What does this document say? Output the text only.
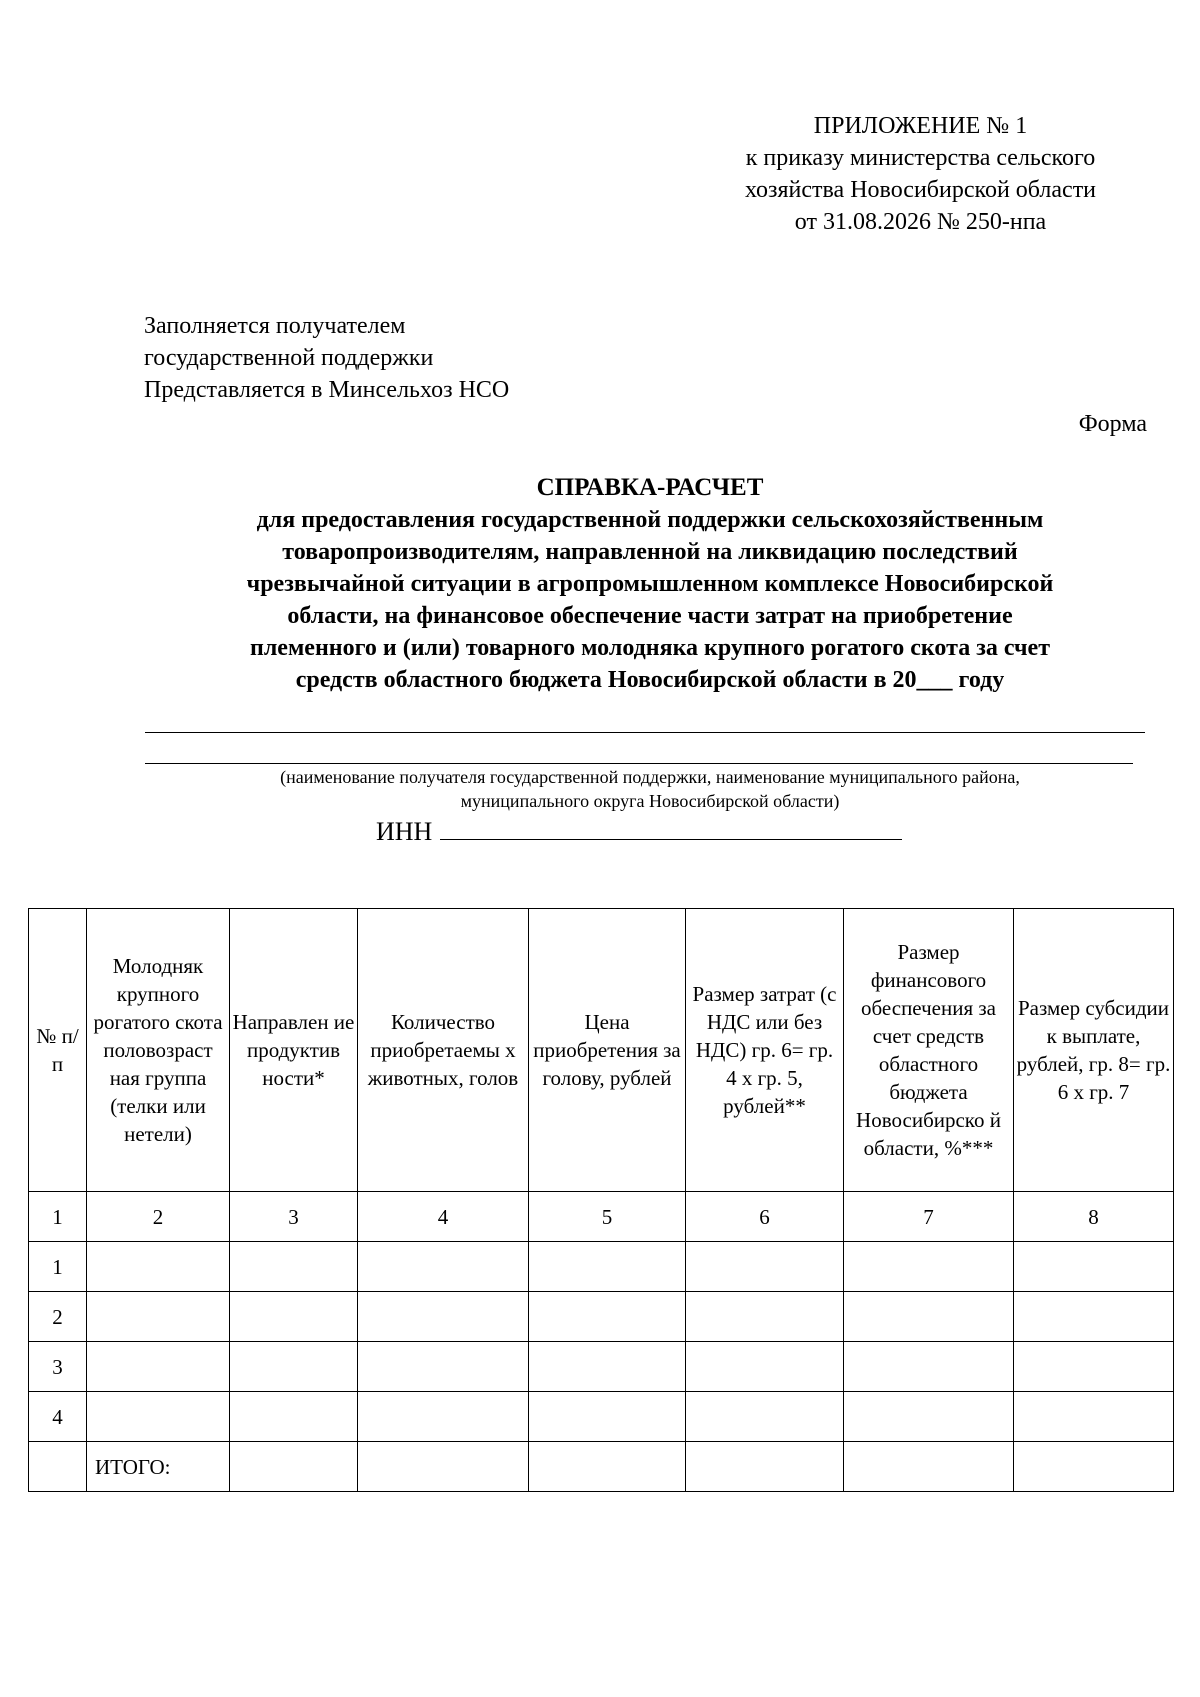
ПРИЛОЖЕНИЕ № 1
к приказу министерства сельского
хозяйства Новосибирской области
от 31.08.2026 № 250-нпа
Заполняется получателем
государственной поддержки
Представляется в Минсельхоз НСО
Форма
СПРАВКА-РАСЧЕТ
для предоставления государственной поддержки сельскохозяйственным
товаропроизводителям, направленной на ликвидацию последствий
чрезвычайной ситуации в агропромышленном комплексе Новосибирской
области, на финансовое обеспечение части затрат на приобретение
племенного и (или) товарного молодняка крупного рогатого скота за счет
средств областного бюджета Новосибирской области в 20___ году
(наименование получателя государственной поддержки, наименование муниципального района,
муниципального округа Новосибирской области)
ИНН
№ п/п	Молодняк крупного рогатого скота половозраст ная группа (телки или нетели)	Направлен ие продуктив ности*	Количество приобретаемы х животных, голов	Цена приобретения за голову, рублей	Размер затрат (с НДС или без НДС) гр. 6= гр. 4 х гр. 5, рублей**	Размер финансового обеспечения за счет средств областного бюджета Новосибирско й области, %***	Размер субсидии к выплате, рублей, гр. 8= гр. 6 х гр. 7
1	2	3	4	5	6	7	8
1							
2							
3							
4							
	ИТОГО:						
